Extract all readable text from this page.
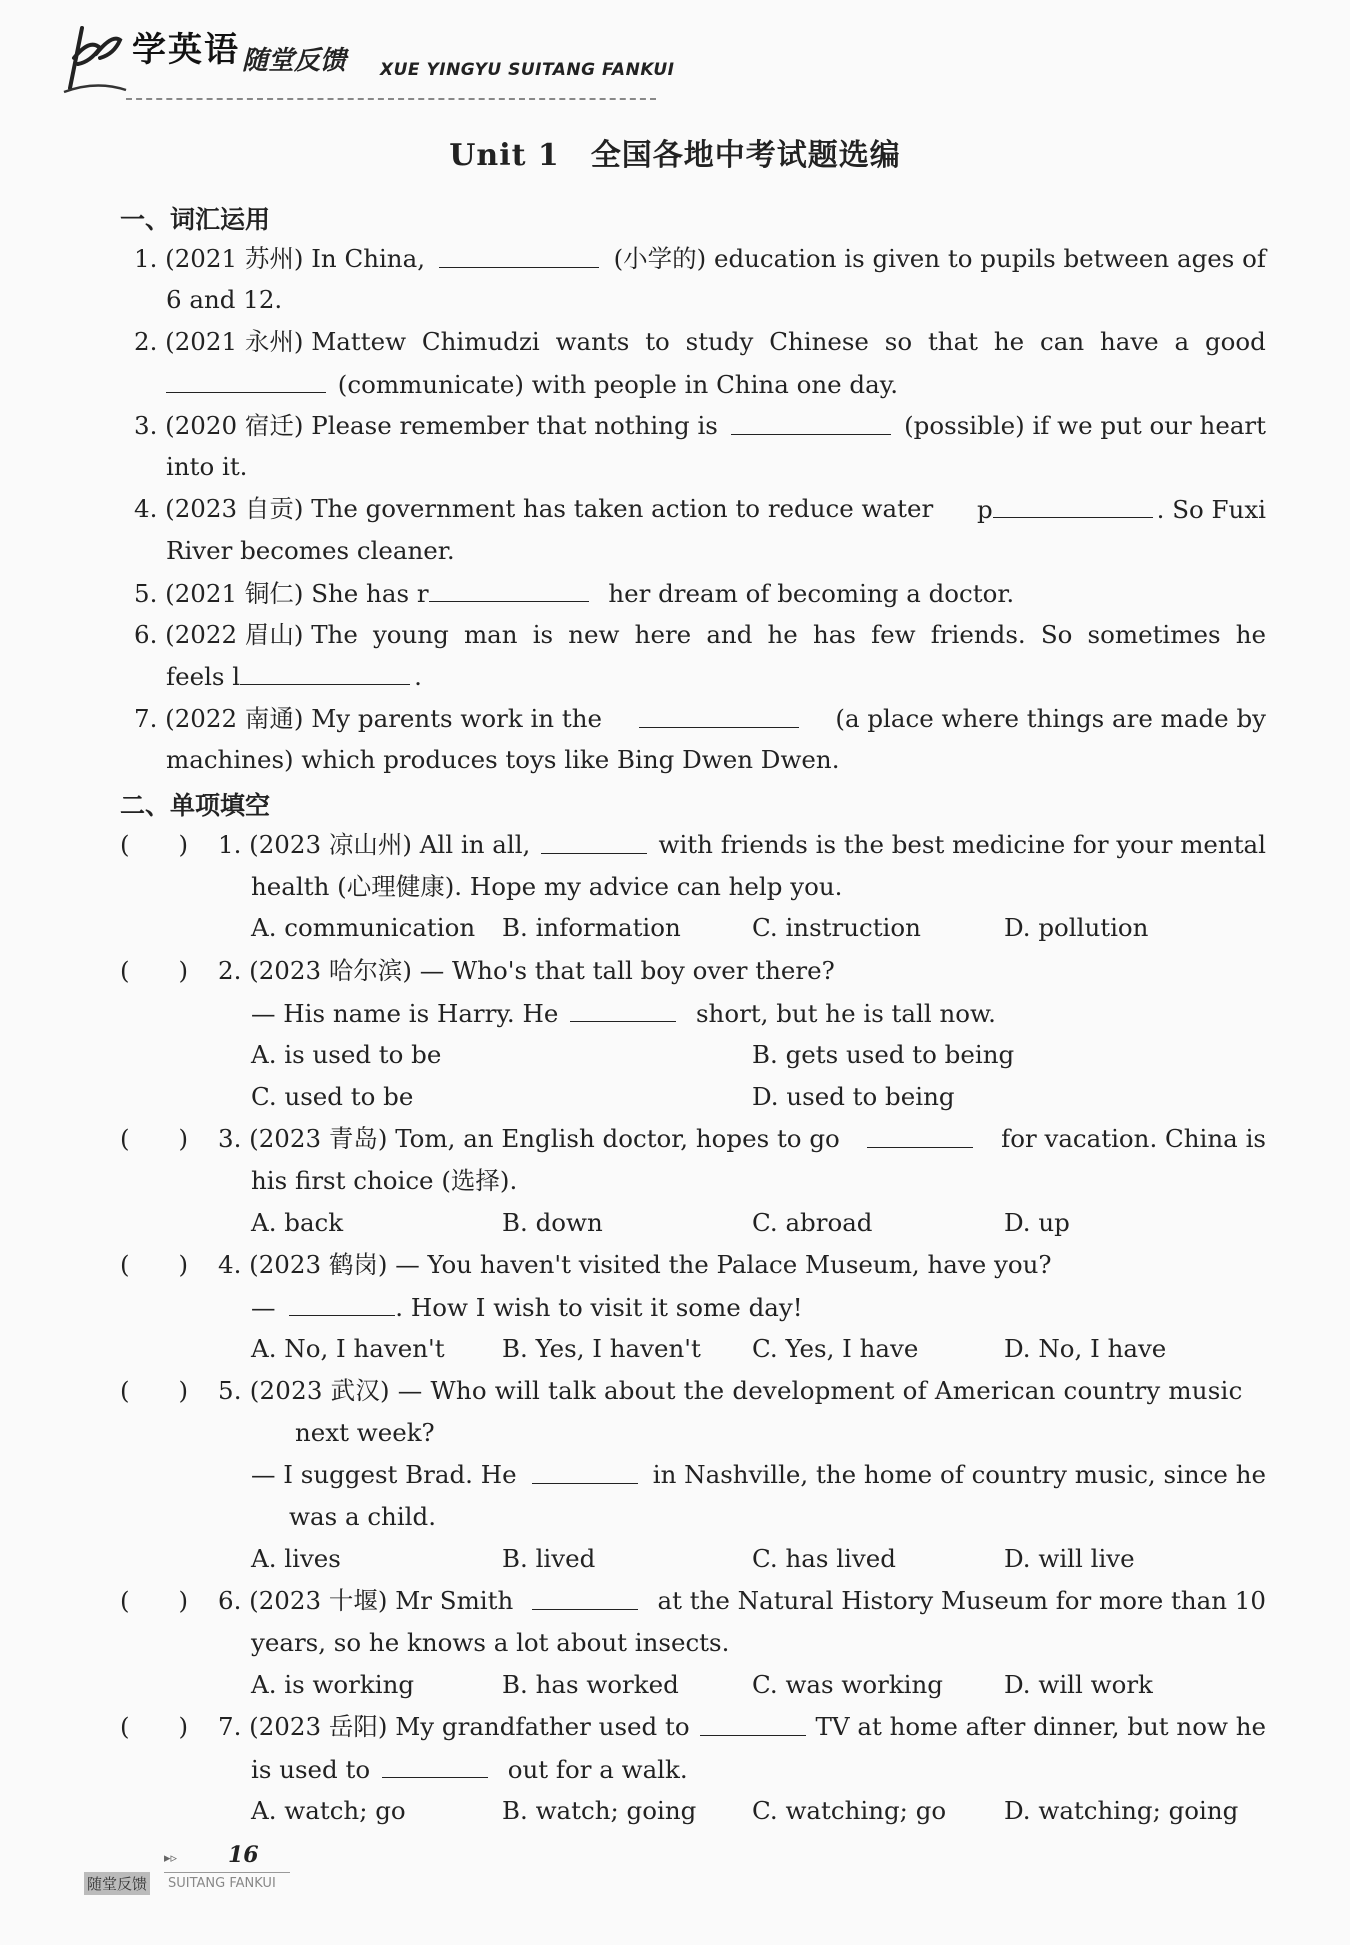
学英语 随堂反馈 XUE YINGYU SUITANG FANKUI
Unit 1　全国各地中考试题选编
一、词汇运用
1. (2021 苏州) In China,	(小学的) education is given to pupils between ages of
6 and 12.
2. (2021 永州) Mattew Chimudzi wants to study Chinese so that he can have a good
(communicate) with people in China one day.
3. (2020 宿迁) Please remember that nothing is	(possible) if we put our heart
into it.
4. (2023 自贡) The government has taken action to reduce water p	. So Fuxi
River becomes cleaner.
5. (2021 铜仁) She has r	her dream of becoming a doctor.
6. (2022 眉山) The young man is new here and he has few friends. So sometimes he
feels l	.
7. (2022 南通) My parents work in the	(a place where things are made by
machines) which produces toys like Bing Dwen Dwen.
二、单项填空
(　　) 1. (2023 凉山州) All in all,	with friends is the best medicine for your mental
health (心理健康). Hope my advice can help you.
A. communication B. information	C. instruction	D. pollution
(　　) 2. (2023 哈尔滨) — Who's that tall boy over there?
— His name is Harry. He	short, but he is tall now.
A. is used to be	B. gets used to being
C. used to be	D. used to being
(　　) 3. (2023 青岛) Tom, an English doctor, hopes to go	for vacation. China is
his first choice (选择).
A. back	B. down	C. abroad	D. up
(　　) 4. (2023 鹤岗) — You haven't visited the Palace Museum, have you?
—	. How I wish to visit it some day!
A. No, I haven't B. Yes, I haven't C. Yes, I have	D. No, I have
(　　) 5. (2023 武汉) — Who will talk about the development of American country music
next week?
— I suggest Brad. He	in Nashville, the home of country music, since he
was a child.
A. lives	B. lived	C. has lived	D. will live
(　　) 6. (2023 十堰) Mr Smith	at the Natural History Museum for more than 10
years, so he knows a lot about insects.
A. is working	B. has worked	C. was working D. will work
(　　) 7. (2023 岳阳) My grandfather used to	TV at home after dinner, but now he
is used to	out for a walk.
A. watch; go	B. watch; going C. watching; go D. watching; going
▸▹ 16
随堂反馈 SUITANG FANKUI
